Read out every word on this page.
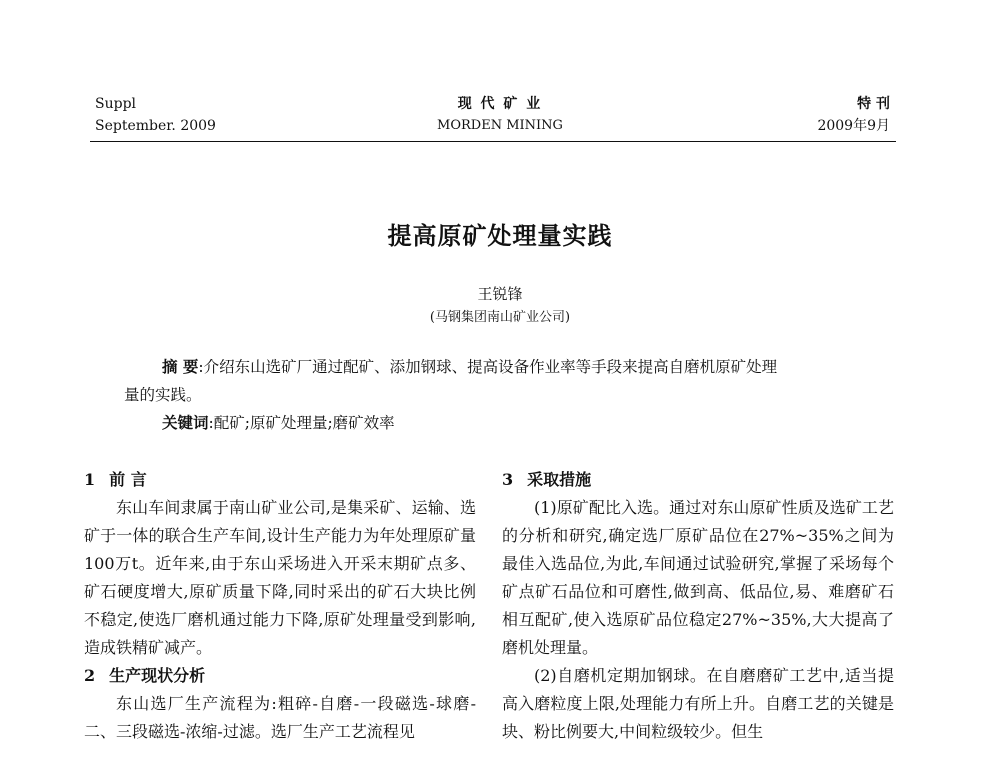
Suppl
September. 2009
现 代 矿 业
MORDEN MINING
特 刊
2009年9月
提高原矿处理量实践
王锐锋
(马钢集团南山矿业公司)
摘 要:介绍东山选矿厂通过配矿、添加钢球、提高设备作业率等手段来提高自磨机原矿处理
量的实践。
关键词:配矿;原矿处理量;磨矿效率
1 前 言
东山车间隶属于南山矿业公司,是集采矿、运输、选矿于一体的联合生产车间,设计生产能力为年处理原矿量100万t。近年来,由于东山采场进入开采末期矿点多、矿石硬度增大,原矿质量下降,同时采出的矿石大块比例不稳定,使选厂磨机通过能力下降,原矿处理量受到影响,造成铁精矿减产。
2 生产现状分析
东山选厂生产流程为:粗碎-自磨-一段磁选-球磨-二、三段磁选-浓缩-过滤。选厂生产工艺流程见
3 采取措施
(1)原矿配比入选。通过对东山原矿性质及选矿工艺的分析和研究,确定选厂原矿品位在27%~35%之间为最佳入选品位,为此,车间通过试验研究,掌握了采场每个矿点矿石品位和可磨性,做到高、低品位,易、难磨矿石相互配矿,使入选原矿品位稳定27%~35%,大大提高了磨机处理量。
(2)自磨机定期加钢球。在自磨磨矿工艺中,适当提高入磨粒度上限,处理能力有所上升。自磨工艺的关键是块、粉比例要大,中间粒级较少。但生
